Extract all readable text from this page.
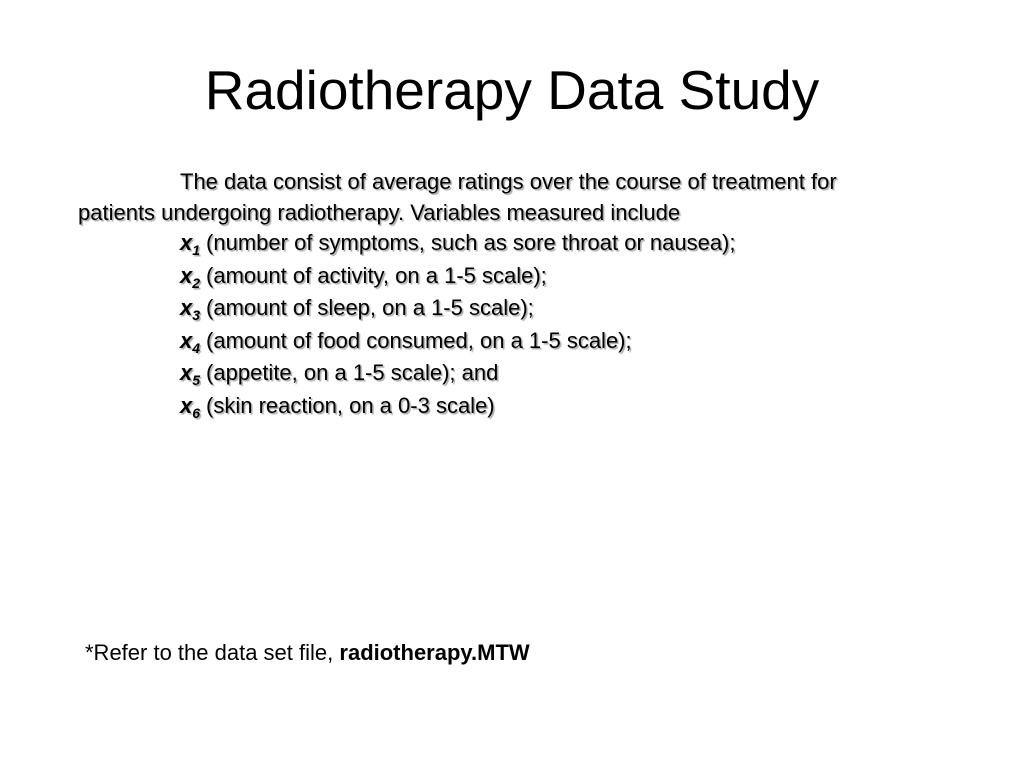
Radiotherapy Data Study
The data consist of average ratings over the course of treatment for
patients undergoing radiotherapy. Variables measured include
$x_1$ (number of symptoms, such as sore throat or nausea);
$x_2$ (amount of activity, on a 1-5 scale);
$x_3$ (amount of sleep, on a 1-5 scale);
$x_4$ (amount of food consumed, on a 1-5 scale);
$x_5$ (appetite, on a 1-5 scale); and
$x_6$ (skin reaction, on a 0-3 scale)
*Refer to the data set file, radiotherapy.MTW
